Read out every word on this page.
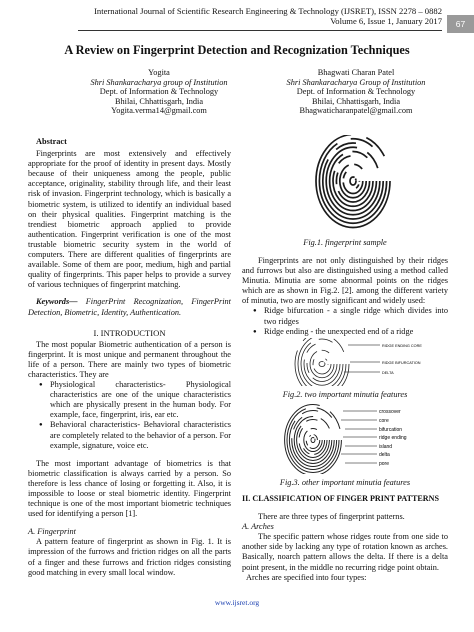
International Journal of Scientific Research Engineering & Technology (IJSRET), ISSN 2278 – 0882
Volume 6, Issue 1, January 2017	67
A Review on Fingerprint Detection and Recognization Techniques
Yogita
Shri Shankaracharya group of Institution
Dept. of Information & Technology
Bhilai, Chhattisgarh, India
Yogita.verma14@gmail.com
Bhagwati Charan Patel
Shri Shankaracharya Group of Institution
Dept. of Information & Technology
Bhilai, Chhattisgarh, India
Bhagwaticharanpatel@gmail.com

Abstract

Fingerprints are most extensively and effectively appropriate for the proof of identity in present days. Mostly because of their uniqueness among the people, public acceptance, originality, stability through life, and their least risk of invasion. Fingerprint technology, which is basically a biometric system, is utilized to identify an individual based on their physical qualities. Fingerprint matching is the trendiest biometric approach applied to provide authentication. Fingerprint verification is one of the most trustable biometric security system in the world of computers. There are different qualities of fingerprints are available. Some of them are poor, medium, high and partial quality of fingerprints. This paper helps to provide a survey of various techniques of fingerprint matching.

Keywords— FingerPrint Recognization, FingerPrint Detection, Biometric, Identity, Authentication.

I. INTRODUCTION

The most popular Biometric authentication of a person is fingerprint. It is most unique and permanent throughout the life of a person. There are mainly two types of biometric characteristics. They are

● Physiological characteristics- Physiological characteristics are one of the unique characteristics which are physically present in the human body. For example, face, fingerprint, iris, ear etc.
● Behavioral characteristics- Behavioral characteristics are completely related to the behavior of a person. For example, signature, voice etc.

The most important advantage of biometrics is that biometric classification is always carried by a person. So therefore is less chance of losing or forgetting it. Also, it is impossible to loose or steal biometric identity. Fingerprint technique is one of the most important biometric techniques used for identifying a person [1].

A. Fingerprint

A pattern feature of fingerprint as shown in Fig. 1. It is impression of the furrows and friction ridges on all the parts of a finger and these furrows and friction ridges consisting good matching in every small local window.

Fig.1. fingerprint sample

Fingerprints are not only distinguished by their ridges and furrows but also are distinguished using a method called Minutia. Minutia are some abnormal points on the ridges which are as shown in Fig.2. [2]. among the different variety of minutia, two are mostly significant and widely used:

● Ridge bifurcation - a single ridge which divides into two ridges
● Ridge ending - the unexpected end of a ridge
RIDGE ENDING CORE
RIDGE BIFURCATION
DELTA
Fig.2. two important minutia features
crossover
core
bifurcation
ridge ending
island
delta
pore
Fig.3. other important minutia features

II. CLASSIFICATION OF FINGER PRINT PATTERNS

There are three types of fingerprint patterns.

A. Arches

The specific pattern whose ridges route from one side to another side by lacking any type of rotation known as arches. Basically, noarch pattern allows the delta. If there is a delta point present, in the middle no recurring ridge point obtain.

Arches are specified into four types:

www.ijsret.org
